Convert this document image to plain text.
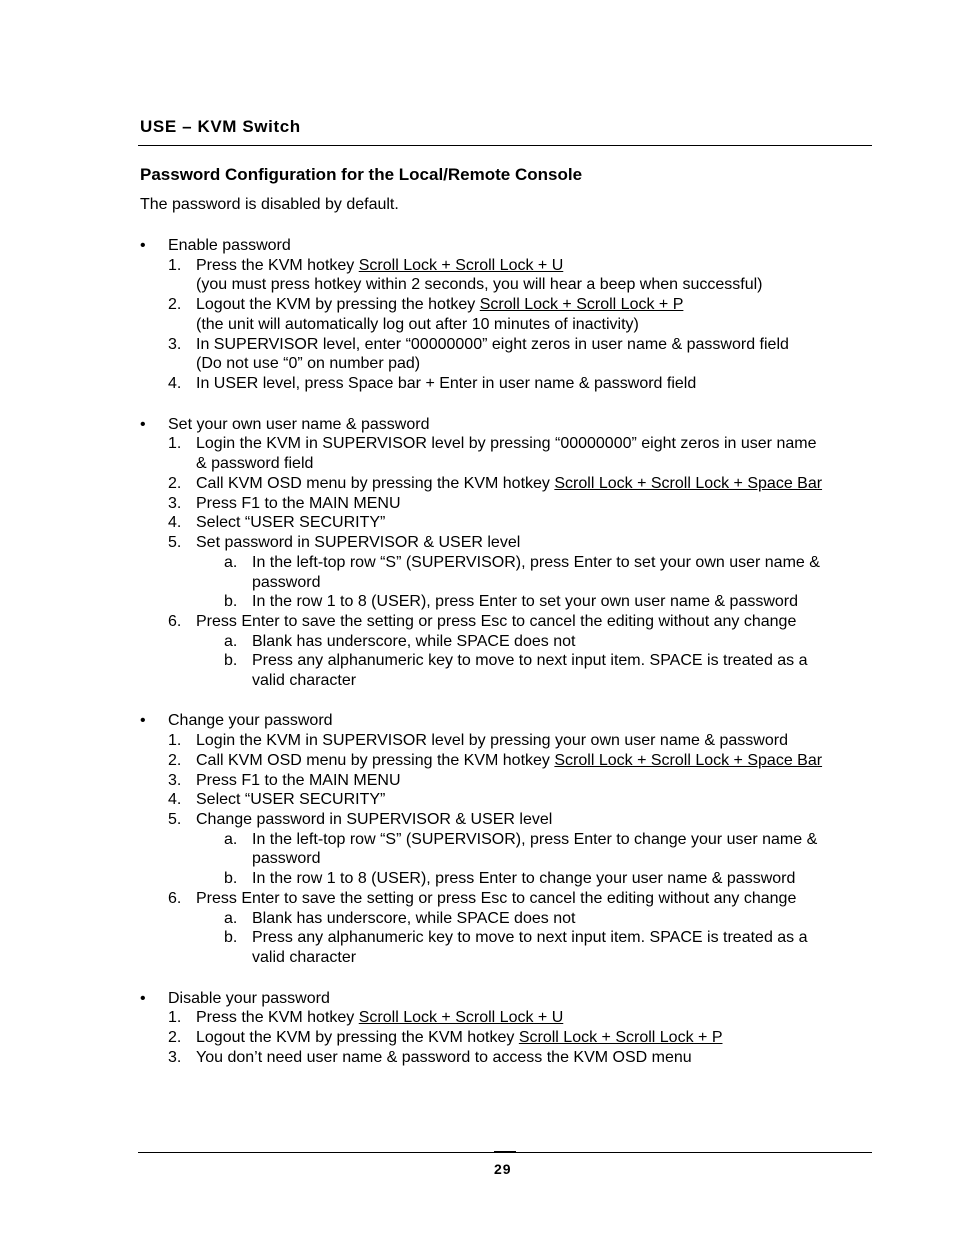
USE – KVM Switch
Password Configuration for the Local/Remote Console
The password is disabled by default.
• Enable password
1. Press the KVM hotkey Scroll Lock + Scroll Lock + U
(you must press hotkey within 2 seconds, you will hear a beep when successful)
2. Logout the KVM by pressing the hotkey Scroll Lock + Scroll Lock + P
(the unit will automatically log out after 10 minutes of inactivity)
3. In SUPERVISOR level, enter “00000000” eight zeros in user name & password field
(Do not use “0” on number pad)
4. In USER level, press Space bar + Enter in user name & password field
• Set your own user name & password
1. Login the KVM in SUPERVISOR level by pressing “00000000” eight zeros in user name
& password field
2. Call KVM OSD menu by pressing the KVM hotkey Scroll Lock + Scroll Lock + Space Bar
3. Press F1 to the MAIN MENU
4. Select “USER SECURITY”
5. Set password in SUPERVISOR & USER level
a. In the left-top row “S” (SUPERVISOR), press Enter to set your own user name &
password
b. In the row 1 to 8 (USER), press Enter to set your own user name & password
6. Press Enter to save the setting or press Esc to cancel the editing without any change
a. Blank has underscore, while SPACE does not
b. Press any alphanumeric key to move to next input item. SPACE is treated as a
valid character
• Change your password
1. Login the KVM in SUPERVISOR level by pressing your own user name & password
2. Call KVM OSD menu by pressing the KVM hotkey Scroll Lock + Scroll Lock + Space Bar
3. Press F1 to the MAIN MENU
4. Select “USER SECURITY”
5. Change password in SUPERVISOR & USER level
a. In the left-top row “S” (SUPERVISOR), press Enter to change your user name &
password
b. In the row 1 to 8 (USER), press Enter to change your user name & password
6. Press Enter to save the setting or press Esc to cancel the editing without any change
a. Blank has underscore, while SPACE does not
b. Press any alphanumeric key to move to next input item. SPACE is treated as a
valid character
• Disable your password
1. Press the KVM hotkey Scroll Lock + Scroll Lock + U
2. Logout the KVM by pressing the KVM hotkey Scroll Lock + Scroll Lock + P
3. You don’t need user name & password to access the KVM OSD menu
29
